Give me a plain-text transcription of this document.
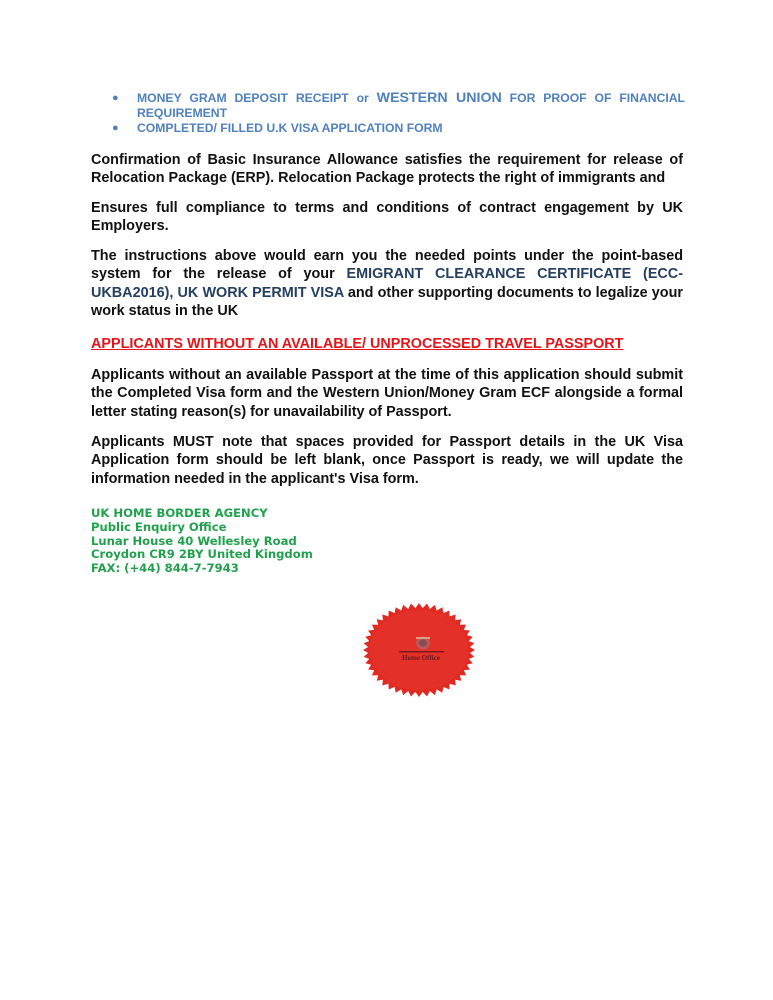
● MONEY GRAM DEPOSIT RECEIPT or WESTERN UNION FOR PROOF OF FINANCIAL
REQUIREMENT
● COMPLETED/ FILLED U.K VISA APPLICATION FORM

Confirmation of Basic Insurance Allowance satisfies the requirement for release of Relocation Package (ERP). Relocation Package protects the right of immigrants and

Ensures full compliance to terms and conditions of contract engagement by UK Employers.

The instructions above would earn you the needed points under the point-based system for the release of your EMIGRANT CLEARANCE CERTIFICATE (ECC-UKBA2016), UK WORK PERMIT VISA and other supporting documents to legalize your work status in the UK

APPLICANTS WITHOUT AN AVAILABLE/ UNPROCESSED TRAVEL PASSPORT

Applicants without an available Passport at the time of this application should submit the Completed Visa form and the Western Union/Money Gram ECF alongside a formal letter stating reason(s) for unavailability of Passport.

Applicants MUST note that spaces provided for Passport details in the UK Visa Application form should be left blank, once Passport is ready, we will update the information needed in the applicant's Visa form.

UK HOME BORDER AGENCY
Public Enquiry Office
Lunar House 40 Wellesley Road
Croydon CR9 2BY United Kingdom
FAX: (+44) 844-7-7943
Home Office
